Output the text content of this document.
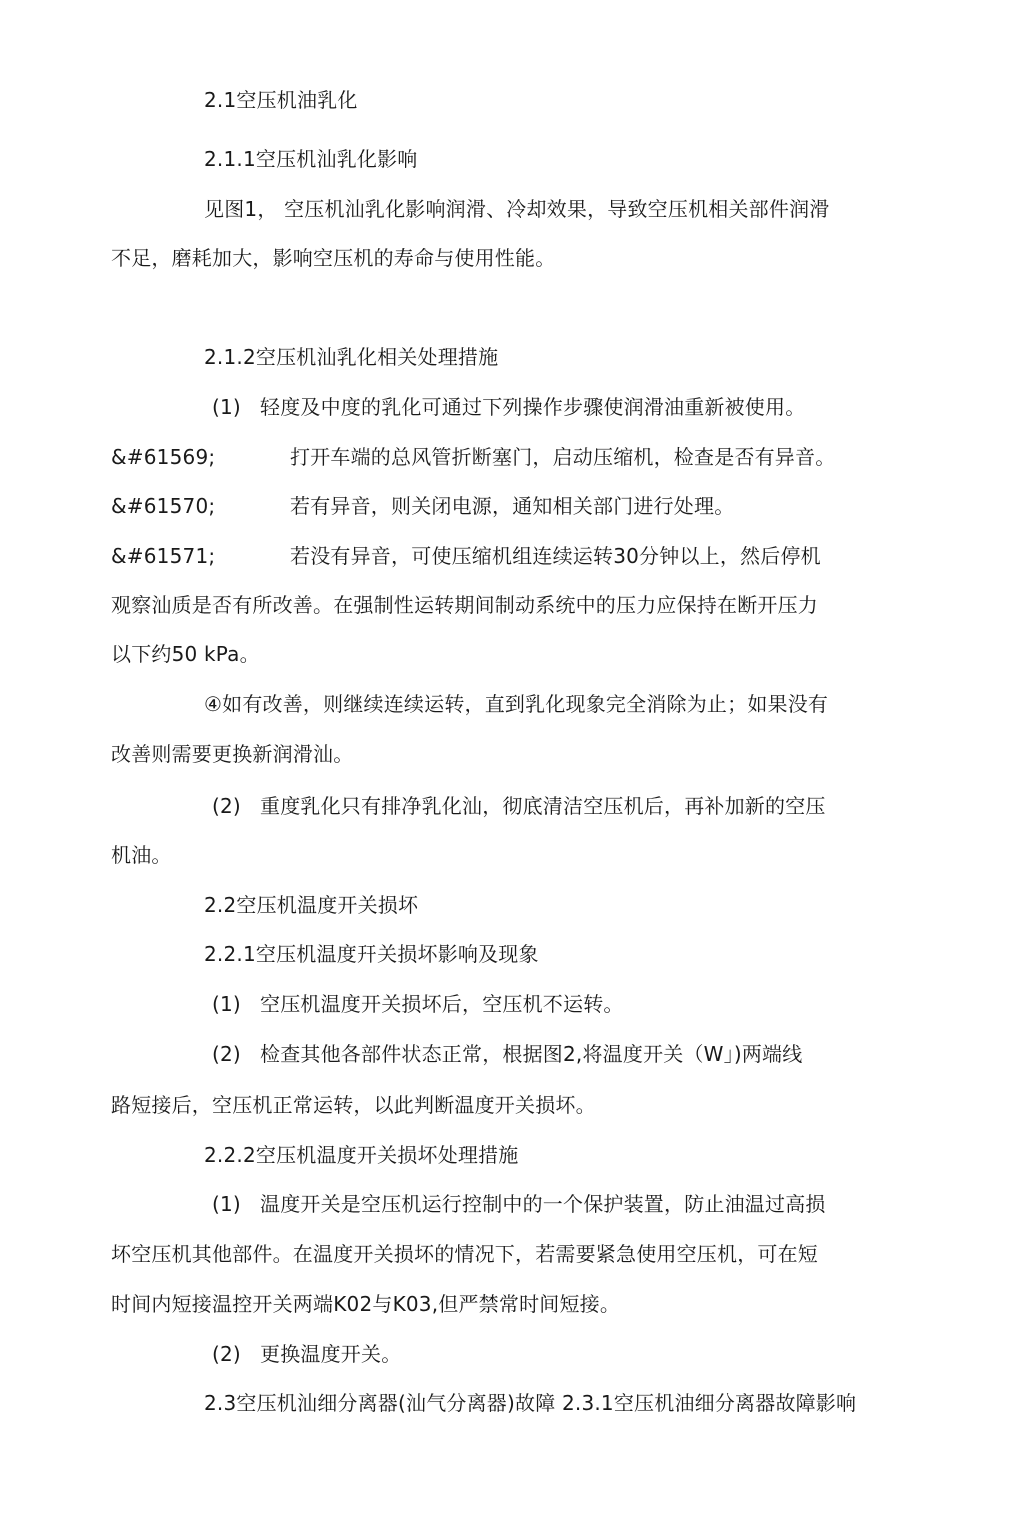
2.1空压机油乳化
2.1.1空压机汕乳化影响
见图1， 空压机汕乳化影响润滑、冷却效果，导致空压机相关部件润滑
不足，磨耗加大，影响空压机的寿命与使用性能。
2.1.2空压机汕乳化相关处理措施
(1) 轻度及中度的乳化可通过下列操作步骤使润滑油重新被使用。
&#61569;	打开车端的总风管折断塞门，启动压缩机，检查是否有异音。
&#61570;	若有异音，则关闭电源，通知相关部门进行处理。
&#61571;	若没有异音，可使压缩机组连续运转30分钟以上，然后停机
观察汕质是否有所改善。在强制性运转期间制动系统中的压力应保持在断开压力
以下约50 kPa。
④如有改善，则继续连续运转，直到乳化现象完全消除为止；如果没有
改善则需要更换新润滑汕。
(2) 重度乳化只有排净乳化汕，彻底清洁空压机后，再补加新的空压
机油。
2.2空压机温度开关损坏
2.2.1空压机温度幵关损坏影响及现象
(1) 空压机温度开关损坏后，空压机不运转。
(2) 检查其他各部件状态正常，根据图2,将温度开关（W」)两端线
路短接后，空压机正常运转，以此判断温度开关损坏。
2.2.2空压机温度开关损坏处理措施
(1) 温度开关是空压机运行控制中的一个保护装置，防止油温过高损
坏空压机其他部件。在温度开关损坏的情况下，若需要紧急使用空压机，可在短
时间内短接温控开关两端K02与K03,但严禁常时间短接。
(2) 更换温度开关。
2.3空压机汕细分离器(汕气分离器)故障 2.3.1空压机油细分离器故障影响
